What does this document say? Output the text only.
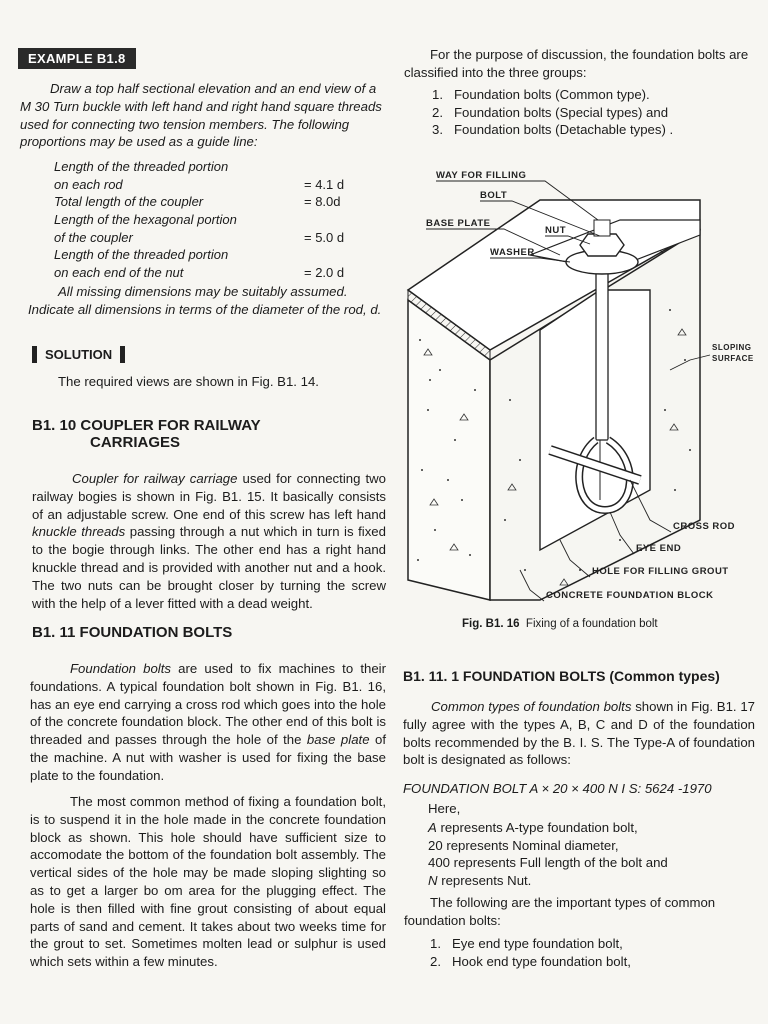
EXAMPLE B1.8

Draw a top half sectional elevation and an end view of a M 30 Turn buckle with left hand and right hand square threads used for connecting two tension members. The following proportions may be used as a guide line:

Length of the threaded portion
on each rod	= 4.1 d
Total length of the coupler	= 8.0d
Length of the hexagonal portion
of the coupler	= 5.0 d
Length of the threaded portion
on each end of the nut	= 2.0 d

All missing dimensions may be suitably assumed. Indicate all dimensions in terms of the diameter of the rod, d.

SOLUTION

The required views are shown in Fig. B1. 14.

B1. 10 COUPLER FOR RAILWAY
CARRIAGES

Coupler for railway carriage used for connecting two railway bogies is shown in Fig. B1. 15. It basically consists of an adjustable screw. One end of this screw has left hand knuckle threads passing through a nut which in turn is fixed to the bogie through links. The other end has a right hand knuckle thread and is provided with another nut and a hook. The two nuts can be brought closer by turning the screw with the help of a lever fitted with a dead weight.

B1. 11 FOUNDATION BOLTS

Foundation bolts are used to fix machines to their foundations. A typical foundation bolt shown in Fig. B1. 16, has an eye end carrying a cross rod which goes into the hole of the concrete foundation block. The other end of this bolt is threaded and passes through the hole of the base plate of the machine. A nut with washer is used for fixing the base plate to the foundation.

The most common method of fixing a foundation bolt, is to suspend it in the hole made in the concrete foundation block as shown. This hole should have sufficient size to accomodate the bottom of the foundation bolt assembly. The vertical sides of the hole may be made sloping slighting so as to get a larger bo om area for the plugging effect. The hole is then filled with fine grout consisting of about equal parts of sand and cement. It takes about two weeks time for the grout to set. Sometimes molten lead or sulphur is used which sets within a few minutes.

For the purpose of discussion, the foundation bolts are classified into the three groups:

1. Foundation bolts (Common type).
2. Foundation bolts (Special types) and
3. Foundation bolts (Detachable types) .
WAY FOR FILLING
BOLT
BASE PLATE
NUT
WASHER
SLOPING
SURFACE
CROSS ROD
EYE END
HOLE FOR FILLING GROUT
CONCRETE FOUNDATION BLOCK

Fig. B1. 16 Fixing of a foundation bolt

B1. 11. 1 FOUNDATION BOLTS (Common types)

Common types of foundation bolts shown in Fig. B1. 17 fully agree with the types A, B, C and D of the foundation bolts recommended by the B. I. S. The Type-A of foundation bolt is designated as follows:

FOUNDATION BOLT A × 20 × 400 N I S: 5624 -1970

Here,

A represents A-type foundation bolt,
20 represents Nominal diameter,
400 represents Full length of the bolt and
N represents Nut.

The following are the important types of common foundation bolts:

1. Eye end type foundation bolt,
2. Hook end type foundation bolt,
